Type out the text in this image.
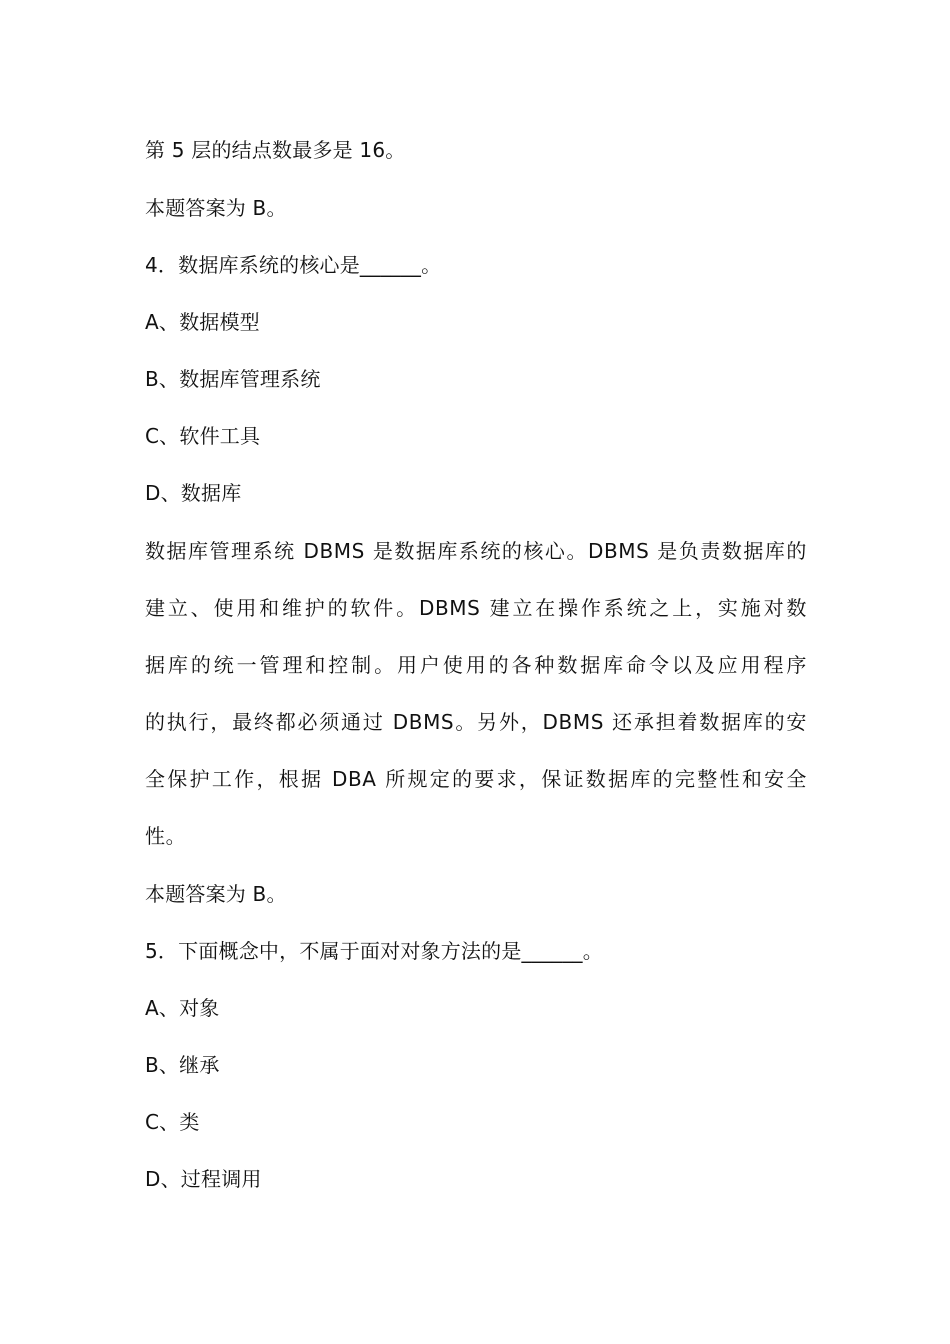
第 5 层的结点数最多是 16。
本题答案为 B。
4．数据库系统的核心是______。
A、数据模型
B、数据库管理系统
C、软件工具
D、数据库
数据库管理系统 DBMS 是数据库系统的核心。DBMS 是负责数据库的
建立、使用和维护的软件。DBMS 建立在操作系统之上，实施对数
据库的统一管理和控制。用户使用的各种数据库命令以及应用程序
的执行，最终都必须通过 DBMS。另外，DBMS 还承担着数据库的安
全保护工作，根据 DBA 所规定的要求，保证数据库的完整性和安全
性。
本题答案为 B。
5．下面概念中，不属于面对对象方法的是______。
A、对象
B、继承
C、类
D、过程调用
